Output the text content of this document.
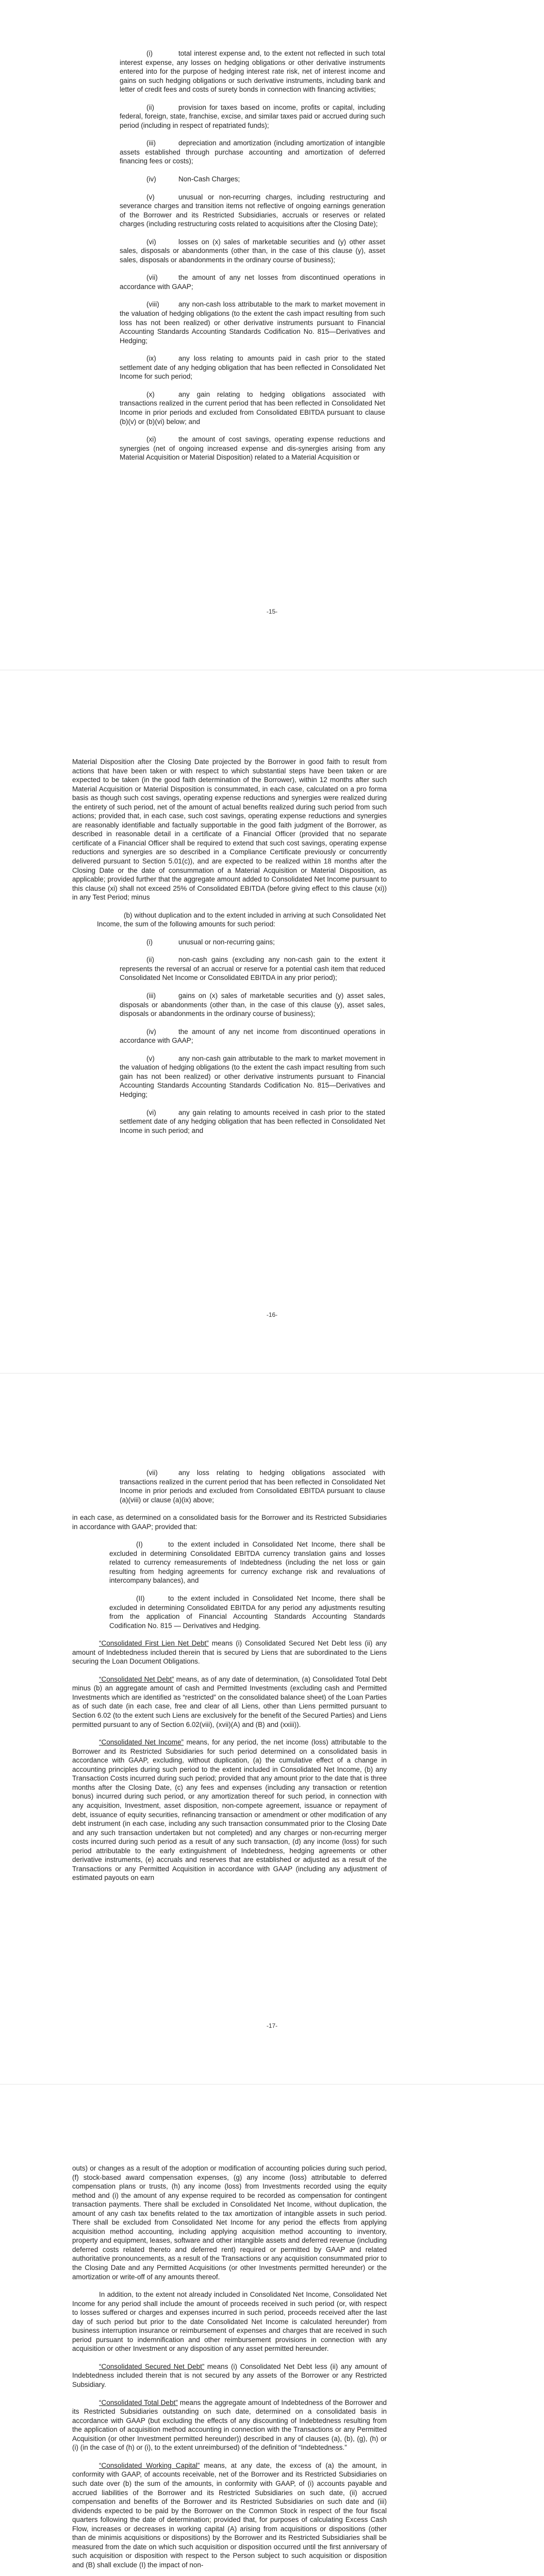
(i)	total interest expense and, to the extent not reflected in such total interest expense, any losses on hedging obligations or other derivative instruments entered into for the purpose of hedging interest rate risk, net of interest income and gains on such hedging obligations or such derivative instruments, including bank and letter of credit fees and costs of surety bonds in connection with financing activities;

(ii)	provision for taxes based on income, profits or capital, including federal, foreign, state, franchise, excise, and similar taxes paid or accrued during such period (including in respect of repatriated funds);

(iii)	depreciation and amortization (including amortization of intangible assets established through purchase accounting and amortization of deferred financing fees or costs);

(iv)	Non-Cash Charges;

(v)	unusual or non-recurring charges, including restructuring and severance charges and transition items not reflective of ongoing earnings generation of the Borrower and its Restricted Subsidiaries, accruals or reserves or related charges (including restructuring costs related to acquisitions after the Closing Date);

(vi)	losses on (x) sales of marketable securities and (y) other asset sales, disposals or abandonments (other than, in the case of this clause (y), asset sales, disposals or abandonments in the ordinary course of business);

(vii)	the amount of any net losses from discontinued operations in accordance with GAAP;

(viii)	any non-cash loss attributable to the mark to market movement in the valuation of hedging obligations (to the extent the cash impact resulting from such loss has not been realized) or other derivative instruments pursuant to Financial Accounting Standards Accounting Standards Codification No. 815—Derivatives and Hedging;

(ix)	any loss relating to amounts paid in cash prior to the stated settlement date of any hedging obligation that has been reflected in Consolidated Net Income for such period;

(x)	any gain relating to hedging obligations associated with transactions realized in the current period that has been reflected in Consolidated Net Income in prior periods and excluded from Consolidated EBITDA pursuant to clause (b)(v) or (b)(vi) below; and

(xi)	the amount of cost savings, operating expense reductions and synergies (net of ongoing increased expense and dis-synergies arising from any Material Acquisition or Material Disposition) related to a Material Acquisition or

-15-

Material Disposition after the Closing Date projected by the Borrower in good faith to result from actions that have been taken or with respect to which substantial steps have been taken or are expected to be taken (in the good faith determination of the Borrower), within 12 months after such Material Acquisition or Material Disposition is consummated, in each case, calculated on a pro forma basis as though such cost savings, operating expense reductions and synergies were realized during the entirety of such period, net of the amount of actual benefits realized during such period from such actions; provided that, in each case, such cost savings, operating expense reductions and synergies are reasonably identifiable and factually supportable in the good faith judgment of the Borrower, as described in reasonable detail in a certificate of a Financial Officer (provided that no separate certificate of a Financial Officer shall be required to extend that such cost savings, operating expense reductions and synergies are so described in a Compliance Certificate previously or concurrently delivered pursuant to Section 5.01(c)), and are expected to be realized within 18 months after the Closing Date or the date of consummation of a Material Acquisition or Material Disposition, as applicable; provided further that the aggregate amount added to Consolidated Net Income pursuant to this clause (xi) shall not exceed 25% of Consolidated EBITDA (before giving effect to this clause (xi)) in any Test Period; minus

(b) without duplication and to the extent included in arriving at such Consolidated Net Income, the sum of the following amounts for such period:

(i)	unusual or non-recurring gains;

(ii)	non-cash gains (excluding any non-cash gain to the extent it represents the reversal of an accrual or reserve for a potential cash item that reduced Consolidated Net Income or Consolidated EBITDA in any prior period);

(iii)	gains on (x) sales of marketable securities and (y) asset sales, disposals or abandonments (other than, in the case of this clause (y), asset sales, disposals or abandonments in the ordinary course of business);

(iv)	the amount of any net income from discontinued operations in accordance with GAAP;

(v)	any non-cash gain attributable to the mark to market movement in the valuation of hedging obligations (to the extent the cash impact resulting from such gain has not been realized) or other derivative instruments pursuant to Financial Accounting Standards Accounting Standards Codification No. 815—Derivatives and Hedging;

(vi)	any gain relating to amounts received in cash prior to the stated settlement date of any hedging obligation that has been reflected in Consolidated Net Income in such period; and

-16-

(vii)	any loss relating to hedging obligations associated with transactions realized in the current period that has been reflected in Consolidated Net Income in prior periods and excluded from Consolidated EBITDA pursuant to clause (a)(viii) or clause (a)(ix) above;

in each case, as determined on a consolidated basis for the Borrower and its Restricted Subsidiaries in accordance with GAAP; provided that:

(I)	to the extent included in Consolidated Net Income, there shall be excluded in determining Consolidated EBITDA currency translation gains and losses related to currency remeasurements of Indebtedness (including the net loss or gain resulting from hedging agreements for currency exchange risk and revaluations of intercompany balances), and

(II)	to the extent included in Consolidated Net Income, there shall be excluded in determining Consolidated EBITDA for any period any adjustments resulting from the application of Financial Accounting Standards Accounting Standards Codification No. 815 — Derivatives and Hedging.

“Consolidated First Lien Net Debt” means (i) Consolidated Secured Net Debt less (ii) any amount of Indebtedness included therein that is secured by Liens that are subordinated to the Liens securing the Loan Document Obligations.

“Consolidated Net Debt” means, as of any date of determination, (a) Consolidated Total Debt minus (b) an aggregate amount of cash and Permitted Investments (excluding cash and Permitted Investments which are identified as “restricted” on the consolidated balance sheet) of the Loan Parties as of such date (in each case, free and clear of all Liens, other than Liens permitted pursuant to Section 6.02 (to the extent such Liens are exclusively for the benefit of the Secured Parties) and Liens permitted pursuant to any of Section 6.02(viii), (xvii)(A) and (B) and (xxiii)).

“Consolidated Net Income” means, for any period, the net income (loss) attributable to the Borrower and its Restricted Subsidiaries for such period determined on a consolidated basis in accordance with GAAP, excluding, without duplication, (a) the cumulative effect of a change in accounting principles during such period to the extent included in Consolidated Net Income, (b) any Transaction Costs incurred during such period; provided that any amount prior to the date that is three months after the Closing Date, (c) any fees and expenses (including any transaction or retention bonus) incurred during such period, or any amortization thereof for such period, in connection with any acquisition, Investment, asset disposition, non-compete agreement, issuance or repayment of debt, issuance of equity securities, refinancing transaction or amendment or other modification of any debt instrument (in each case, including any such transaction consummated prior to the Closing Date and any such transaction undertaken but not completed) and any charges or non-recurring merger costs incurred during such period as a result of any such transaction, (d) any income (loss) for such period attributable to the early extinguishment of Indebtedness, hedging agreements or other derivative instruments, (e) accruals and reserves that are established or adjusted as a result of the Transactions or any Permitted Acquisition in accordance with GAAP (including any adjustment of estimated payouts on earn

-17-

outs) or changes as a result of the adoption or modification of accounting policies during such period, (f) stock-based award compensation expenses, (g) any income (loss) attributable to deferred compensation plans or trusts, (h) any income (loss) from Investments recorded using the equity method and (i) the amount of any expense required to be recorded as compensation for contingent transaction payments. There shall be excluded in Consolidated Net Income, without duplication, the amount of any cash tax benefits related to the tax amortization of intangible assets in such period. There shall be excluded from Consolidated Net Income for any period the effects from applying acquisition method accounting, including applying acquisition method accounting to inventory, property and equipment, leases, software and other intangible assets and deferred revenue (including deferred costs related thereto and deferred rent) required or permitted by GAAP and related authoritative pronouncements, as a result of the Transactions or any acquisition consummated prior to the Closing Date and any Permitted Acquisitions (or other Investments permitted hereunder) or the amortization or write-off of any amounts thereof.

In addition, to the extent not already included in Consolidated Net Income, Consolidated Net Income for any period shall include the amount of proceeds received in such period (or, with respect to losses suffered or charges and expenses incurred in such period, proceeds received after the last day of such period but prior to the date Consolidated Net Income is calculated hereunder) from business interruption insurance or reimbursement of expenses and charges that are received in such period pursuant to indemnification and other reimbursement provisions in connection with any acquisition or other Investment or any disposition of any asset permitted hereunder.

“Consolidated Secured Net Debt” means (i) Consolidated Net Debt less (ii) any amount of Indebtedness included therein that is not secured by any assets of the Borrower or any Restricted Subsidiary.

“Consolidated Total Debt” means the aggregate amount of Indebtedness of the Borrower and its Restricted Subsidiaries outstanding on such date, determined on a consolidated basis in accordance with GAAP (but excluding the effects of any discounting of Indebtedness resulting from the application of acquisition method accounting in connection with the Transactions or any Permitted Acquisition (or other Investment permitted hereunder)) described in any of clauses (a), (b), (g), (h) or (i) (in the case of (h) or (i), to the extent unreimbursed) of the definition of “Indebtedness.”

“Consolidated Working Capital” means, at any date, the excess of (a) the amount, in conformity with GAAP, of accounts receivable, net of the Borrower and its Restricted Subsidiaries on such date over (b) the sum of the amounts, in conformity with GAAP, of (i) accounts payable and accrued liabilities of the Borrower and its Restricted Subsidiaries on such date, (ii) accrued compensation and benefits of the Borrower and its Restricted Subsidiaries on such date and (iii) dividends expected to be paid by the Borrower on the Common Stock in respect of the four fiscal quarters following the date of determination; provided that, for purposes of calculating Excess Cash Flow, increases or decreases in working capital (A) arising from acquisitions or dispositions (other than de minimis acquisitions or dispositions) by the Borrower and its Restricted Subsidiaries shall be measured from the date on which such acquisition or disposition occurred until the first anniversary of such acquisition or disposition with respect to the Person subject to such acquisition or disposition and (B) shall exclude (I) the impact of non-
